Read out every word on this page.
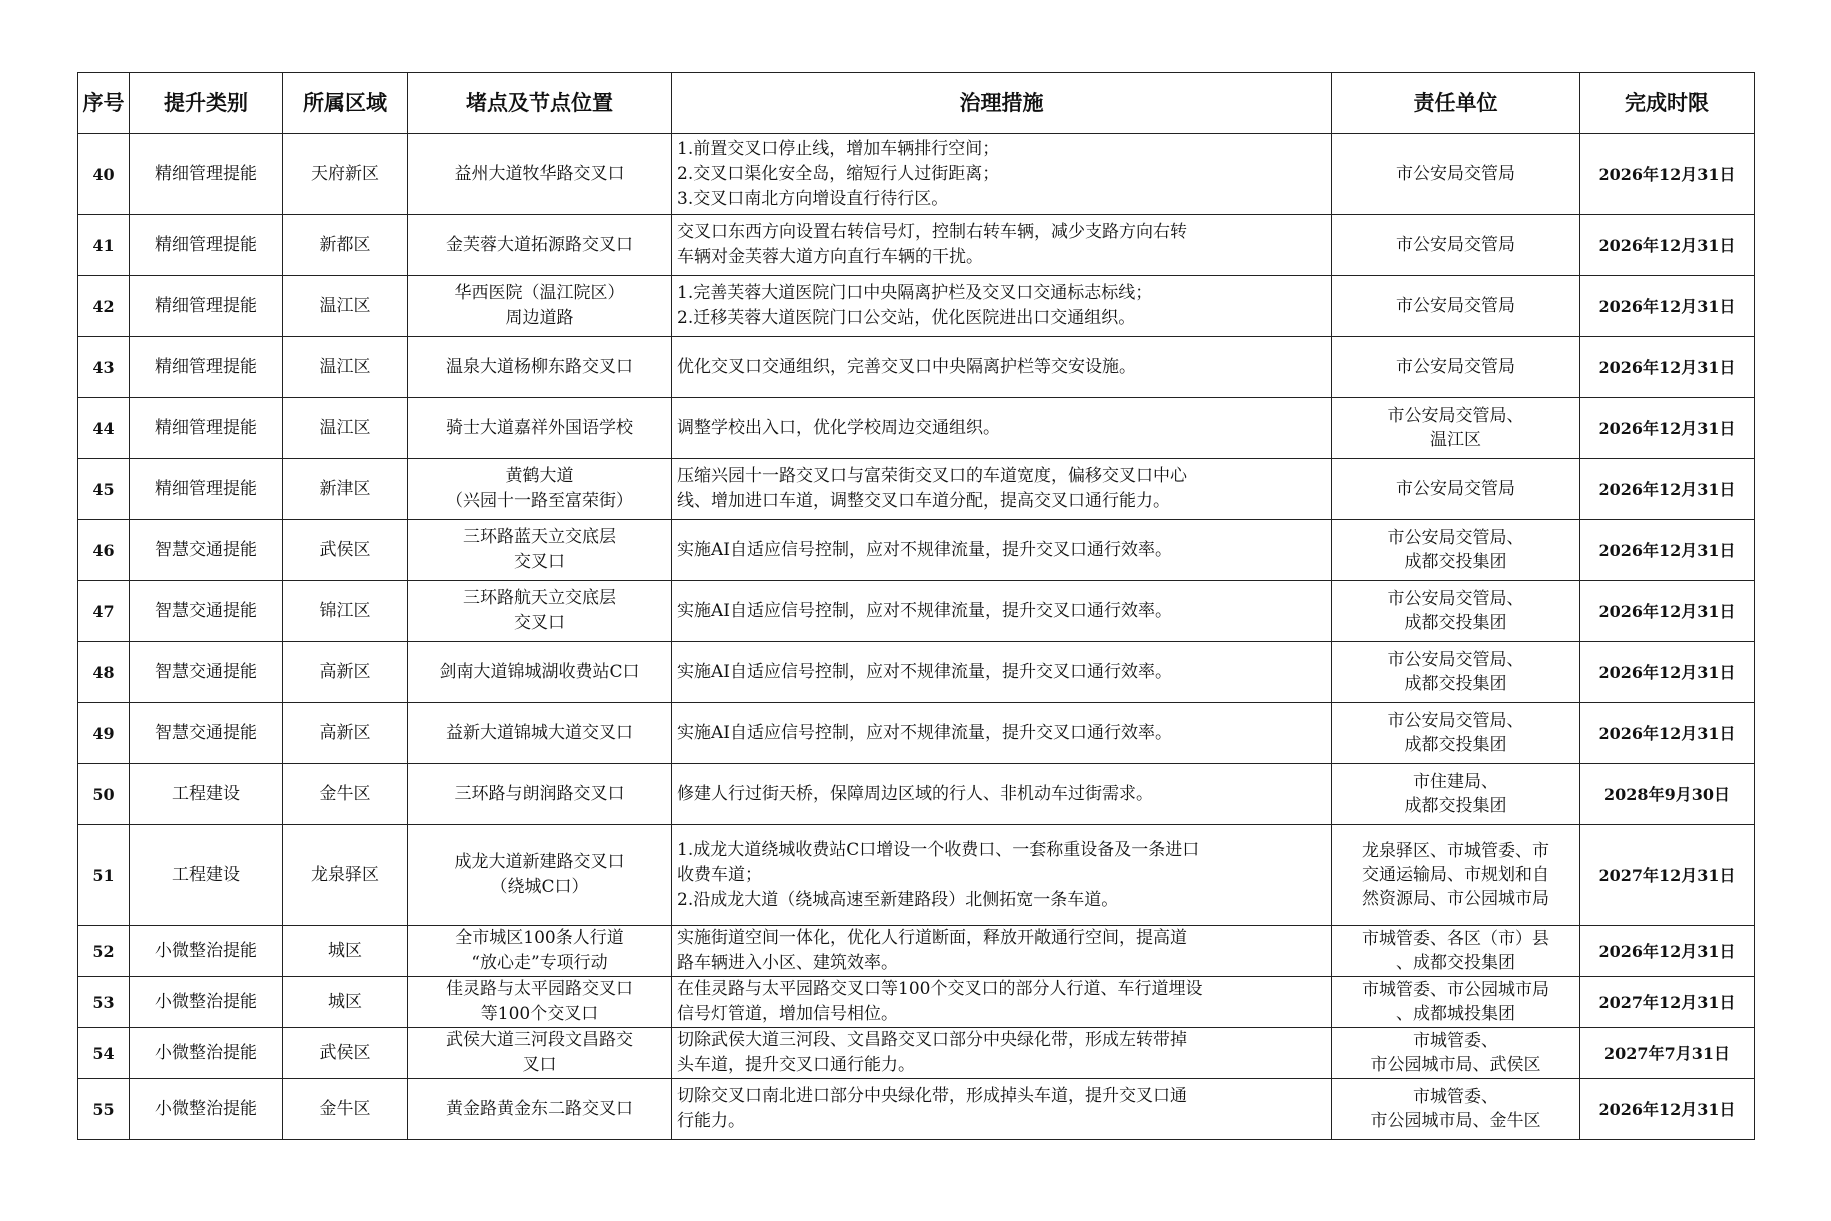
序号	提升类别	所属区域	堵点及节点位置	治理措施	责任单位	完成时限

40	精细管理提能	天府新区	益州大道牧华路交叉口	1.前置交叉口停止线，增加车辆排行空间；
2.交叉口渠化安全岛，缩短行人过街距离；
3.交叉口南北方向增设直行待行区。	市公安局交管局	2026年12月31日

41	精细管理提能	新都区	金芙蓉大道拓源路交叉口	交叉口东西方向设置右转信号灯，控制右转车辆，减少支路方向右转
车辆对金芙蓉大道方向直行车辆的干扰。	市公安局交管局	2026年12月31日

42	精细管理提能	温江区	华西医院（温江院区）
周边道路	1.完善芙蓉大道医院门口中央隔离护栏及交叉口交通标志标线；
2.迁移芙蓉大道医院门口公交站，优化医院进出口交通组织。	市公安局交管局	2026年12月31日

43	精细管理提能	温江区	温泉大道杨柳东路交叉口	优化交叉口交通组织，完善交叉口中央隔离护栏等交安设施。	市公安局交管局	2026年12月31日

44	精细管理提能	温江区	骑士大道嘉祥外国语学校	调整学校出入口，优化学校周边交通组织。	市公安局交管局、
温江区	2026年12月31日

45	精细管理提能	新津区	黄鹤大道
（兴园十一路至富荣街）	压缩兴园十一路交叉口与富荣街交叉口的车道宽度，偏移交叉口中心
线、增加进口车道，调整交叉口车道分配，提高交叉口通行能力。	市公安局交管局	2026年12月31日

46	智慧交通提能	武侯区	三环路蓝天立交底层
交叉口	实施AI自适应信号控制，应对不规律流量，提升交叉口通行效率。	市公安局交管局、
成都交投集团	2026年12月31日

47	智慧交通提能	锦江区	三环路航天立交底层
交叉口	实施AI自适应信号控制，应对不规律流量，提升交叉口通行效率。	市公安局交管局、
成都交投集团	2026年12月31日

48	智慧交通提能	高新区	剑南大道锦城湖收费站C口	实施AI自适应信号控制，应对不规律流量，提升交叉口通行效率。	市公安局交管局、
成都交投集团	2026年12月31日

49	智慧交通提能	高新区	益新大道锦城大道交叉口	实施AI自适应信号控制，应对不规律流量，提升交叉口通行效率。	市公安局交管局、
成都交投集团	2026年12月31日

50	工程建设	金牛区	三环路与朗润路交叉口	修建人行过街天桥，保障周边区域的行人、非机动车过街需求。	市住建局、
成都交投集团	2028年9月30日

51	工程建设	龙泉驿区	成龙大道新建路交叉口
（绕城C口）	1.成龙大道绕城收费站C口增设一个收费口、一套称重设备及一条进口
收费车道；
2.沿成龙大道（绕城高速至新建路段）北侧拓宽一条车道。	龙泉驿区、市城管委、市
交通运输局、市规划和自
然资源局、市公园城市局	2027年12月31日

52	小微整治提能	城区	全市城区100条人行道
“放心走”专项行动	实施街道空间一体化，优化人行道断面，释放开敞通行空间，提高道
路车辆进入小区、建筑效率。	市城管委、各区（市）县
、成都交投集团	2026年12月31日

53	小微整治提能	城区	佳灵路与太平园路交叉口
等100个交叉口	在佳灵路与太平园路交叉口等100个交叉口的部分人行道、车行道埋设
信号灯管道，增加信号相位。	市城管委、市公园城市局
、成都城投集团	2027年12月31日

54	小微整治提能	武侯区	武侯大道三河段文昌路交
叉口	切除武侯大道三河段、文昌路交叉口部分中央绿化带，形成左转带掉
头车道，提升交叉口通行能力。	市城管委、
市公园城市局、武侯区	2027年7月31日

55	小微整治提能	金牛区	黄金路黄金东二路交叉口	切除交叉口南北进口部分中央绿化带，形成掉头车道，提升交叉口通
行能力。	市城管委、
市公园城市局、金牛区	2026年12月31日
